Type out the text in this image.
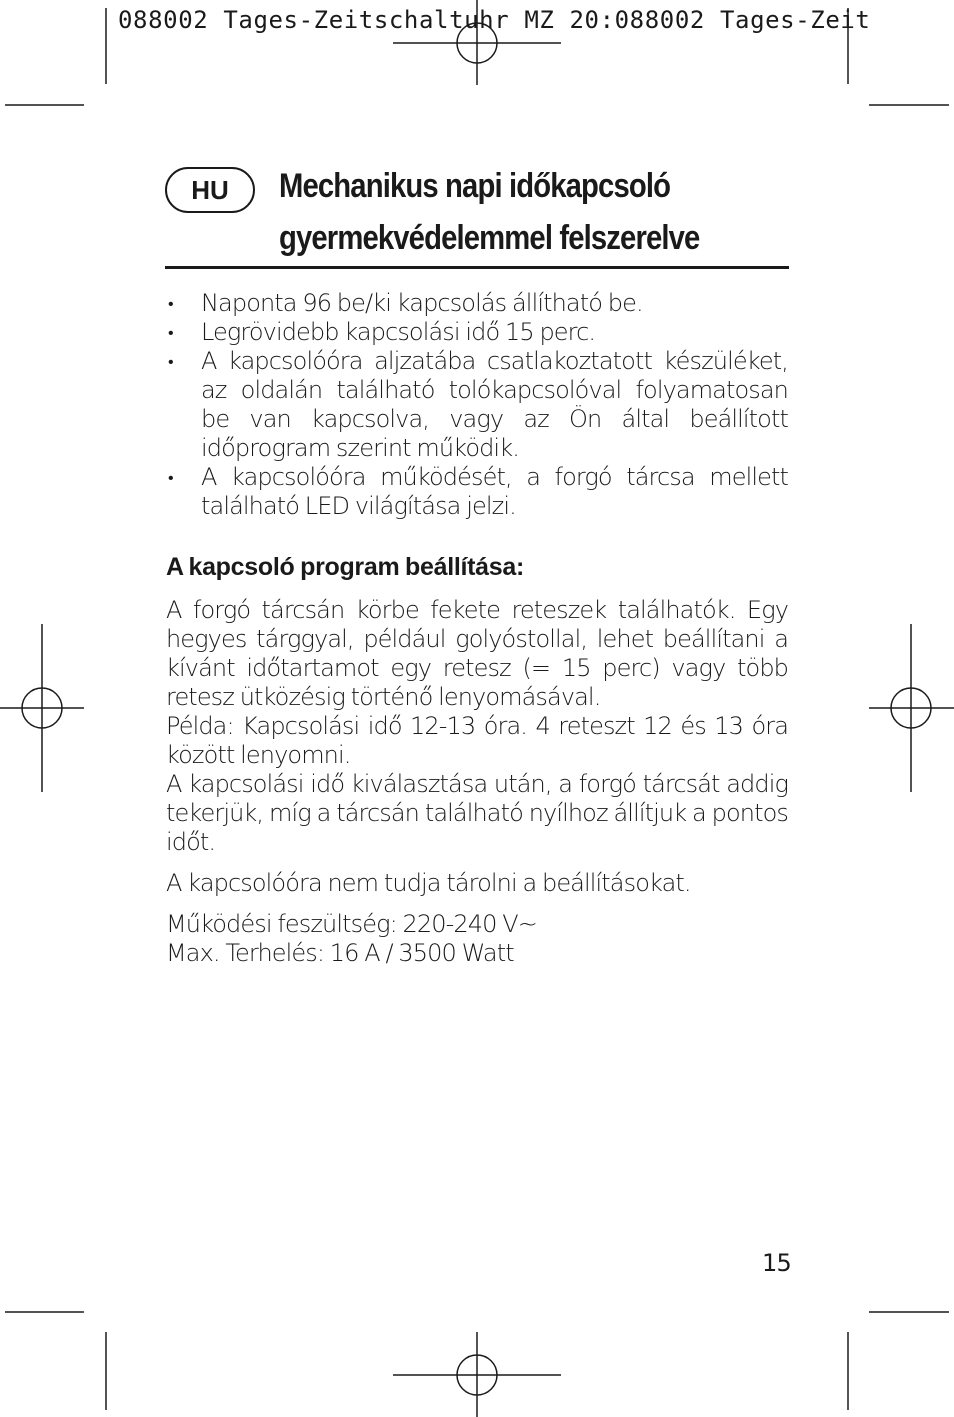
088002 Tages-Zeitschaltuhr MZ 20:088002 Tages-Zeit
HU	Mechanikus napi időkapcsoló
gyermekvédelemmel felszerelve
• Naponta 96 be/ki kapcsolás állítható be.
• Legrövidebb kapcsolási idő 15 perc.
• A kapcsolóóra aljzatába csatlakoztatott készüléket, az oldalán található tolókapcsolóval folyamatosan be van kapcsolva, vagy az Ön által beállított időprogram szerint működik.
• A kapcsolóóra működését, a forgó tárcsa mellett található LED világítása jelzi.
A kapcsoló program beállítása:

A forgó tárcsán körbe fekete reteszek találhatók. Egy hegyes tárggyal, például golyóstollal, lehet beállítani a kívánt időtartamot egy retesz (= 15 perc) vagy több retesz ütközésig történő lenyomásával.

Példa: Kapcsolási idő 12-13 óra. 4 reteszt 12 és 13 óra között lenyomni.

A kapcsolási idő kiválasztása után, a forgó tárcsát addig tekerjük, míg a tárcsán található nyílhoz állítjuk a pontos időt.

A kapcsolóóra nem tudja tárolni a beállításokat.

Működési feszültség: 220-240 V~

Max. Terhelés: 16 A / 3500 Watt

15
